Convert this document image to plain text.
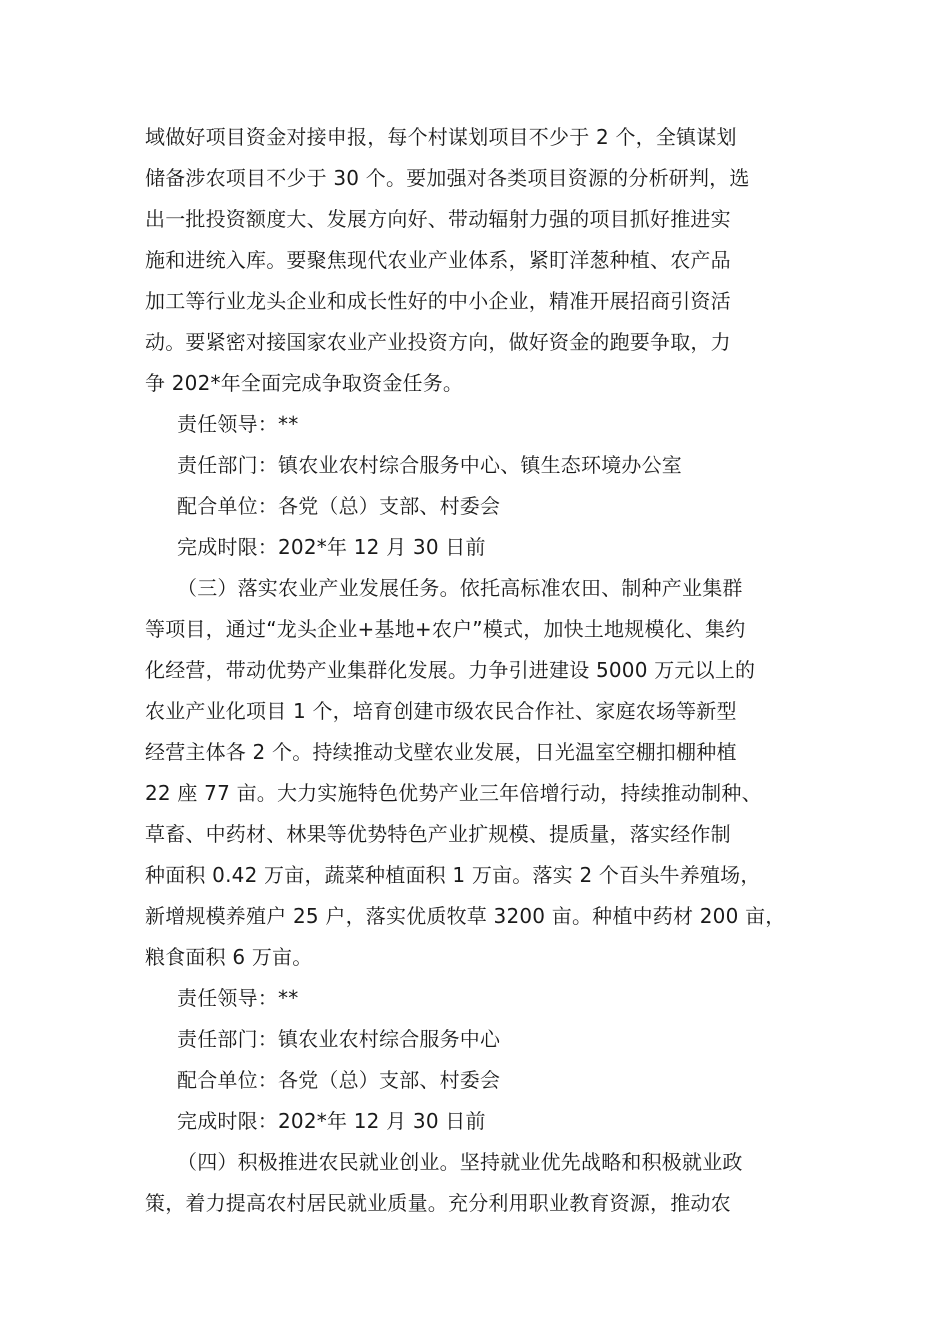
域做好项目资金对接申报，每个村谋划项目不少于 2 个，全镇谋划
储备涉农项目不少于 30 个。要加强对各类项目资源的分析研判，选
出一批投资额度大、发展方向好、带动辐射力强的项目抓好推进实
施和进统入库。要聚焦现代农业产业体系，紧盯洋葱种植、农产品
加工等行业龙头企业和成长性好的中小企业，精准开展招商引资活
动。要紧密对接国家农业产业投资方向，做好资金的跑要争取，力
争 202*年全面完成争取资金任务。
责任领导：**
责任部门：镇农业农村综合服务中心、镇生态环境办公室
配合单位：各党（总）支部、村委会
完成时限：202*年 12 月 30 日前
（三）落实农业产业发展任务。依托高标准农田、制种产业集群
等项目，通过“龙头企业+基地+农户”模式，加快土地规模化、集约
化经营，带动优势产业集群化发展。力争引进建设 5000 万元以上的
农业产业化项目 1 个，培育创建市级农民合作社、家庭农场等新型
经营主体各 2 个。持续推动戈壁农业发展，日光温室空棚扣棚种植
22 座 77 亩。大力实施特色优势产业三年倍增行动，持续推动制种、
草畜、中药材、林果等优势特色产业扩规模、提质量，落实经作制
种面积 0.42 万亩，蔬菜种植面积 1 万亩。落实 2 个百头牛养殖场，
新增规模养殖户 25 户，落实优质牧草 3200 亩。种植中药材 200 亩，
粮食面积 6 万亩。
责任领导：**
责任部门：镇农业农村综合服务中心
配合单位：各党（总）支部、村委会
完成时限：202*年 12 月 30 日前
（四）积极推进农民就业创业。坚持就业优先战略和积极就业政
策，着力提高农村居民就业质量。充分利用职业教育资源，推动农
